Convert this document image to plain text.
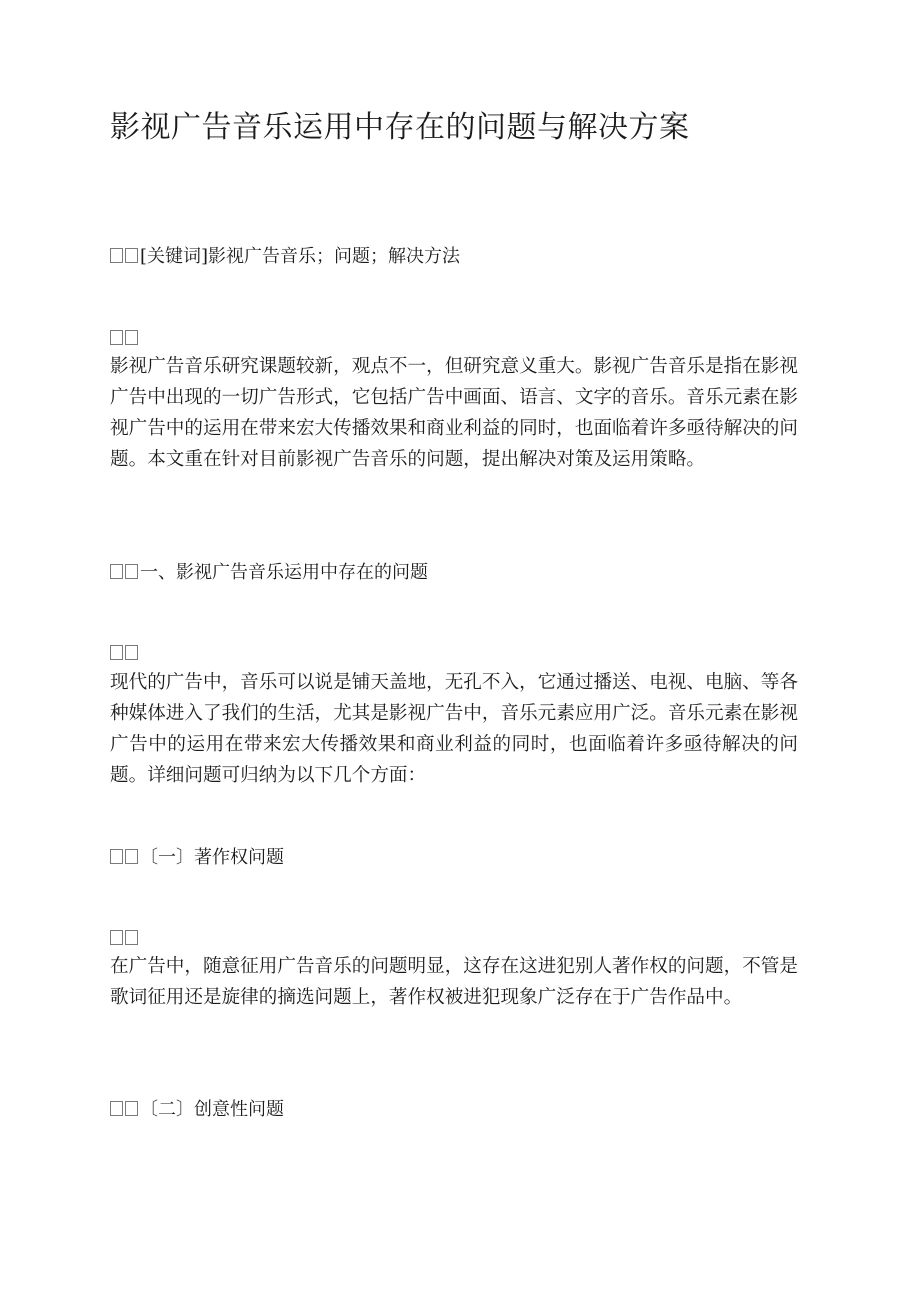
影视广告音乐运用中存在的问题与解决方案

[关键词]影视广告音乐；问题；解决方法

影视广告音乐研究课题较新，观点不一，但研究意义重大。影视广告音乐是指在影视广告中出现的一切广告形式，它包括广告中画面、语言、文字的音乐。音乐元素在影视广告中的运用在带来宏大传播效果和商业利益的同时，也面临着许多亟待解决的问题。本文重在针对目前影视广告音乐的问题，提出解决对策及运用策略。

一、影视广告音乐运用中存在的问题

现代的广告中，音乐可以说是铺天盖地，无孔不入，它通过播送、电视、电脑、等各种媒体进入了我们的生活，尤其是影视广告中，音乐元素应用广泛。音乐元素在影视广告中的运用在带来宏大传播效果和商业利益的同时，也面临着许多亟待解决的问题。详细问题可归纳为以下几个方面：

〔一〕著作权问题

在广告中，随意征用广告音乐的问题明显，这存在这进犯别人著作权的问题，不管是歌词征用还是旋律的摘选问题上，著作权被进犯现象广泛存在于广告作品中。

〔二〕创意性问题
